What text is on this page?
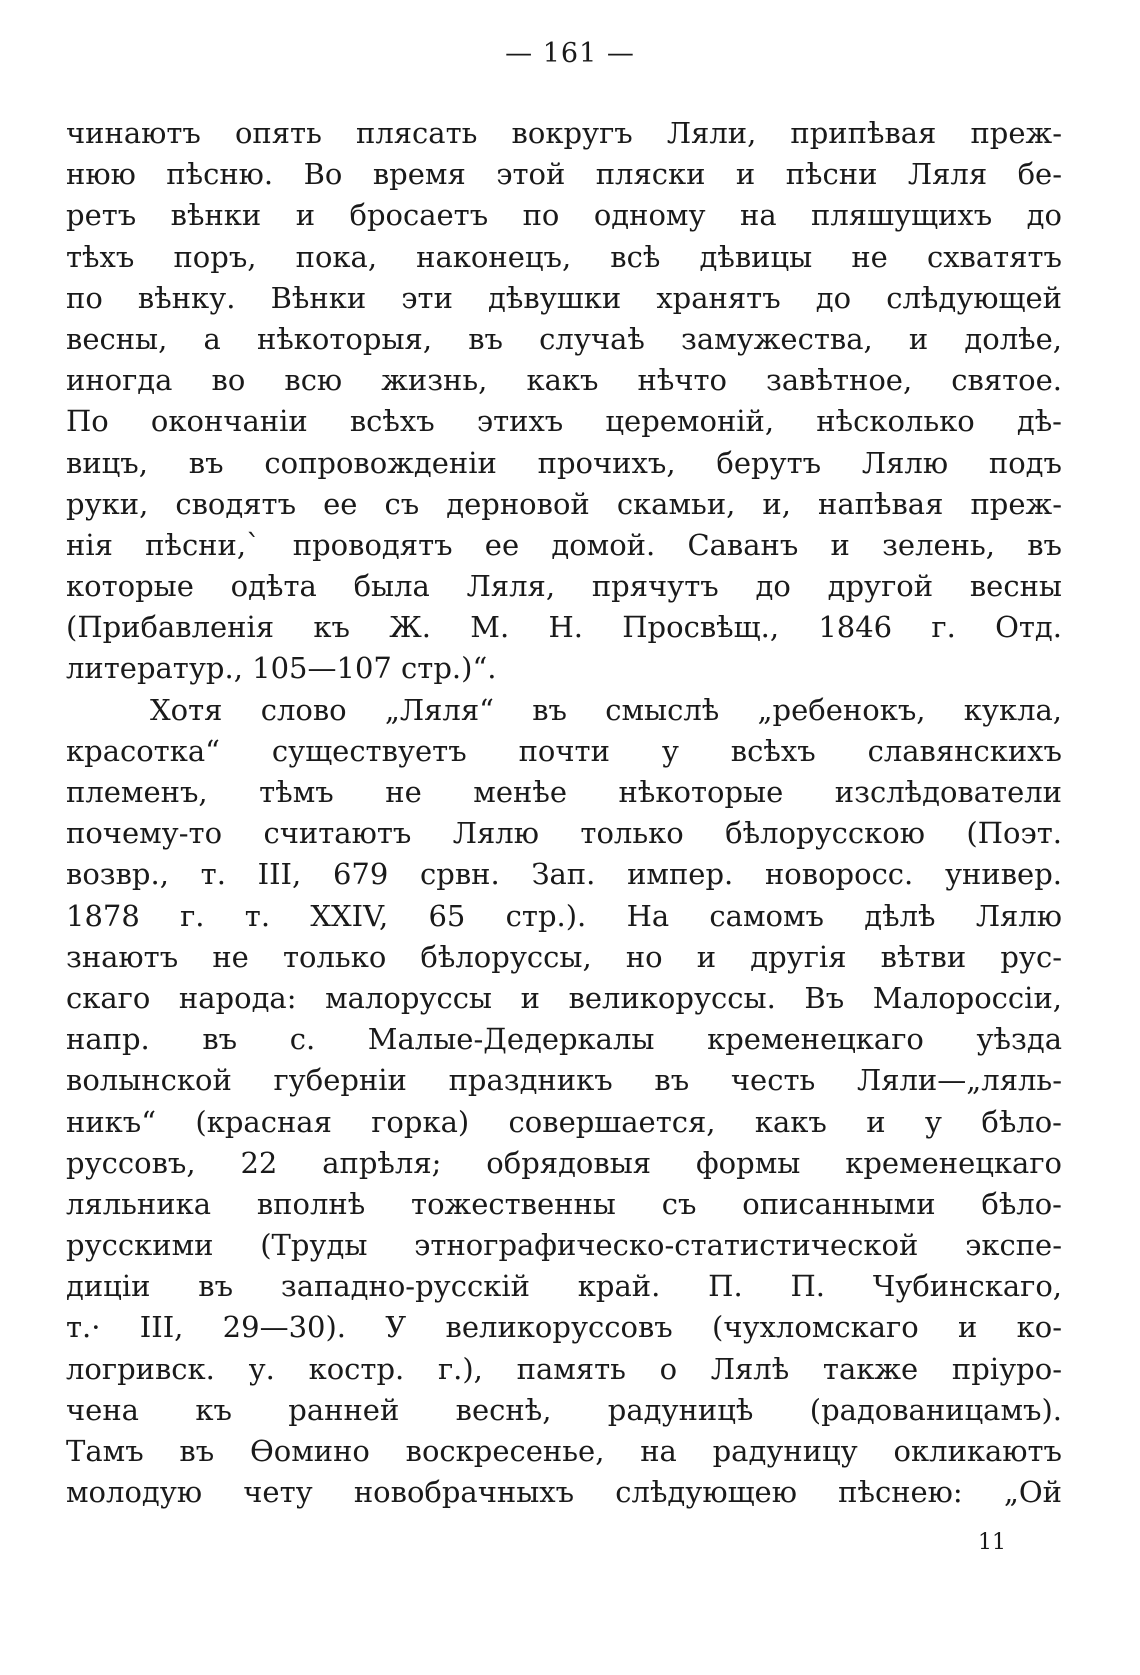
— 161 —
чинаютъ опять плясать вокругъ Ляли, припѣвая преж-
нюю пѣсню. Во время этой пляски и пѣсни Ляля бе-
ретъ вѣнки и бросаетъ по одному на пляшущихъ до
тѣхъ поръ, пока, наконецъ, всѣ дѣвицы не схватятъ
по вѣнку. Вѣнки эти дѣвушки хранятъ до слѣдующей
весны, а нѣкоторыя, въ случаѣ замужества, и долѣе,
иногда во всю жизнь, какъ нѣчто завѣтное, святое.
По окончаніи всѣхъ этихъ церемоній, нѣсколько дѣ-
вицъ, въ сопровожденіи прочихъ, берутъ Лялю подъ
руки, сводятъ ее съ дерновой скамьи, и, напѣвая преж-
нія пѣсни,` проводятъ ее домой. Саванъ и зелень, въ
которые одѣта была Ляля, прячутъ до другой весны
(Прибавленія къ Ж. М. Н. Просвѣщ., 1846 г. Отд.
литератур., 105—107 стр.)“.
Хотя слово „Ляля“ въ смыслѣ „ребенокъ, кукла,
красотка“ существуетъ почти у всѣхъ славянскихъ
племенъ, тѣмъ не менѣе нѣкоторые изслѣдователи
почему-то считаютъ Лялю только бѣлорусскою (Поэт.
возвр., т. III, 679 срвн. Зап. импер. новоросс. универ.
1878 г. т. XXIV, 65 стр.). На самомъ дѣлѣ Лялю
знаютъ не только бѣлоруссы, но и другія вѣтви рус-
скаго народа: малоруссы и великоруссы. Въ Малороссіи,
напр. въ с. Малые-Дедеркалы кременецкаго уѣзда
волынской губерніи праздникъ въ честь Ляли—„ляль-
никъ“ (красная горка) совершается, какъ и у бѣло-
руссовъ, 22 апрѣля; обрядовыя формы кременецкаго
ляльника вполнѣ тожественны съ описанными бѣло-
русскими (Труды этнографическо-статистической экспе-
диціи въ западно-русскій край. П. П. Чубинскаго,
т.· III, 29—30). У великоруссовъ (чухломскаго и ко-
логривск. у. костр. г.), память о Лялѣ также пріуро-
чена къ ранней веснѣ, радуницѣ (радованицамъ).
Тамъ въ Ѳомино воскресенье, на радуницу окликаютъ
молодую чету новобрачныхъ слѣдующею пѣснею: „Ой
11
